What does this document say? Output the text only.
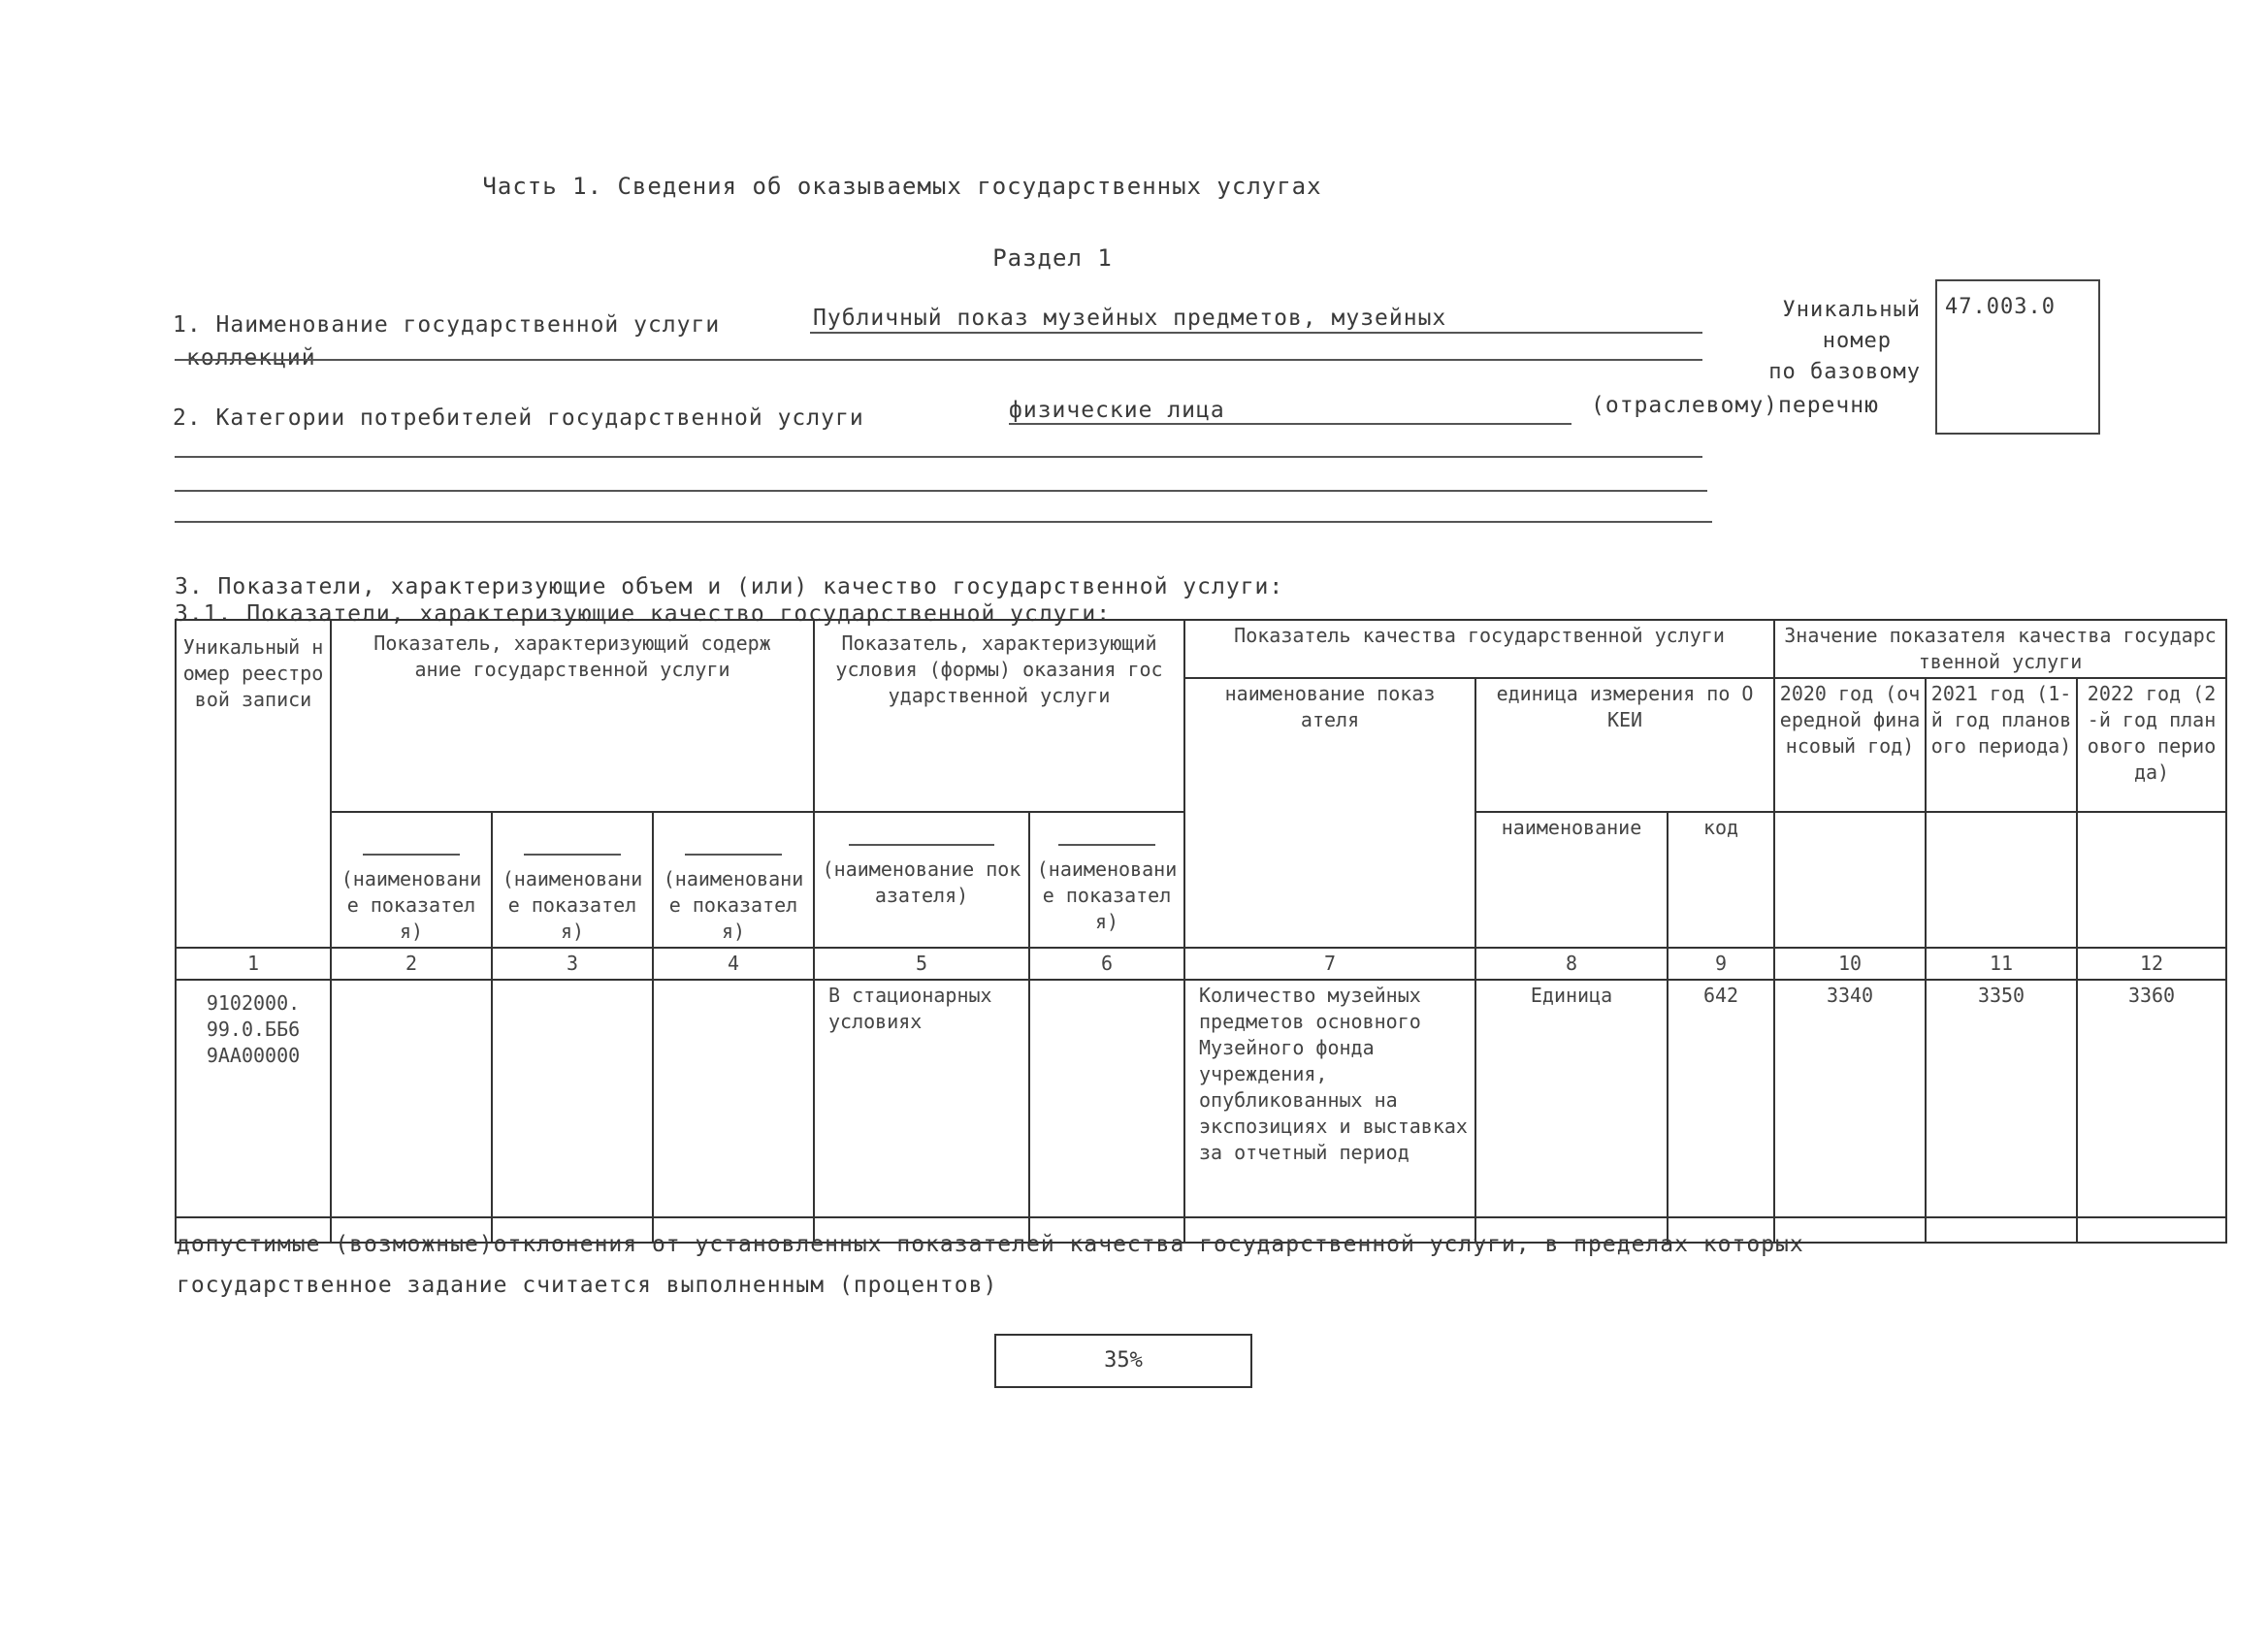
Часть 1. Сведения об оказываемых государственных услугах
Раздел 1
1. Наименование государственной услуги	Публичный показ музейных предметов, музейных
коллекций
2. Категории потребителей государственной услуги	физические лица	(отраслевому)перечню
Уникальный
номер
по базовому
47.003.0
3. Показатели, характеризующие объем и (или) качество государственной услуги:
3.1. Показатели, характеризующие качество государственной услуги:
Уникальный номер реестровой записи	Показатель, характеризующий содержание государственной услуги			Показатель, характеризующий условия (формы) оказания государственной услуги		Показатель качества государственной услуги			Значение показателя качества государственной услуги		
						наименование показателя	единица измерения по ОКЕИ		2020 год (очередной финансовый год)	2021 год (1-й год планового периода)	2022 год (2-й год планового периода)

	(наименование показателя)	(наименование показателя)	(наименование показателя)	(наименование показателя)	(наименование показателя)		наименование	код			
1	2	3	4	5	6	7	8	9	10	11	12
9102000.99.0.ББ69АА00000				В стационарных условиях		Количество музейных предметов основного Музейного фонда учреждения, опубликованных на экспозициях и выставках за отчетный период	Единица	642	3340	3350	3360

допустимые (возможные)отклонения от установленных показателей качества государственной услуги, в пределах которых
государственное задание считается выполненным (процентов)
35%
